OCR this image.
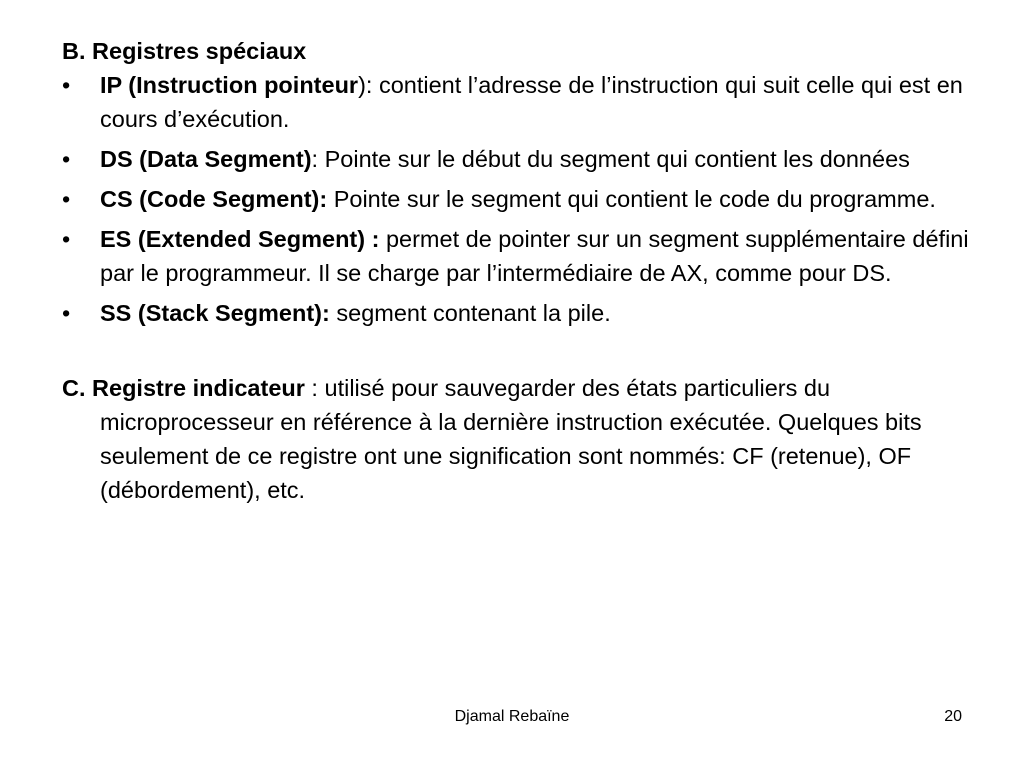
B. Registres spéciaux

• IP (Instruction pointeur): contient l’adresse de l’instruction qui suit celle qui est en cours d’exécution.
• DS (Data Segment): Pointe sur le début du segment qui contient les données
• CS (Code Segment): Pointe sur le segment qui contient le code du programme.
• ES (Extended Segment) : permet de pointer sur un segment supplémentaire défini par le programmeur. Il se charge par l’intermédiaire de AX, comme pour DS.
• SS (Stack Segment): segment contenant la pile.

C. Registre indicateur : utilisé pour sauvegarder des états particuliers du microprocesseur en référence à la dernière instruction exécutée. Quelques bits seulement de ce registre ont une signification sont nommés: CF (retenue), OF (débordement), etc.

Djamal Rebaïne	20
